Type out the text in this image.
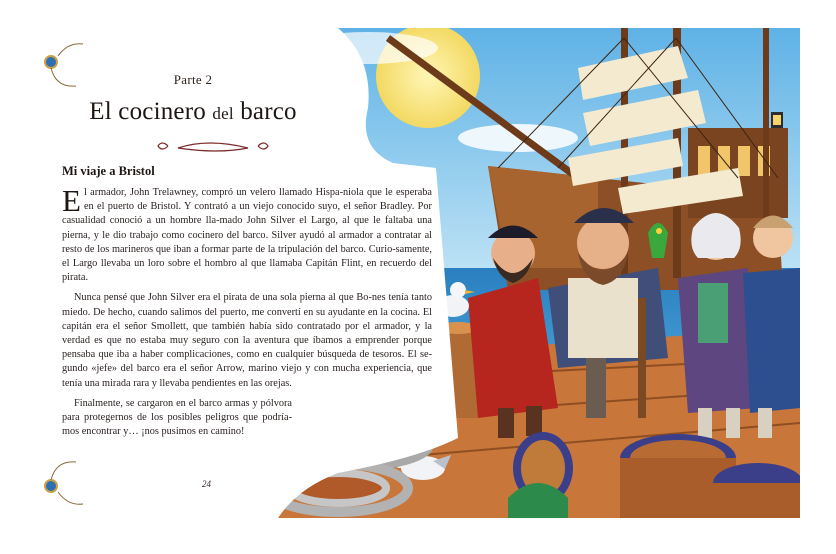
Parte 2
El cocinero del barco
Mi viaje a Bristol

El armador, John Trelawney, compró un velero llamado Hispa-niola que le esperaba en el puerto de Bristol. Y contrató a un viejo conocido suyo, el señor Bradley. Por casualidad conoció a un hombre lla-mado John Silver el Largo, al que le faltaba una pierna, y le dio trabajo como cocinero del barco. Silver ayudó al armador a contratar al resto de los marineros que iban a formar parte de la tripulación del barco. Curio-samente, el Largo llevaba un loro sobre el hombro al que llamaba Capitán Flint, en recuerdo del pirata.

Nunca pensé que John Silver era el pirata de una sola pierna al que Bo-nes tenía tanto miedo. De hecho, cuando salimos del puerto, me convertí en su ayudante en la cocina. El capitán era el señor Smollett, que también había sido contratado por el armador, y la verdad es que no estaba muy seguro con la aventura que íbamos a emprender porque pensaba que iba a haber complicaciones, como en cualquier búsqueda de tesoros. El se-gundo «jefe» del barco era el señor Arrow, marino viejo y con mucha experiencia, que tenía una mirada rara y llevaba pendientes en las orejas.

Finalmente, se cargaron en el barco armas y pólvora para protegernos de los posibles peligros que podría-mos encontrar y… ¡nos pusimos en camino!

24
